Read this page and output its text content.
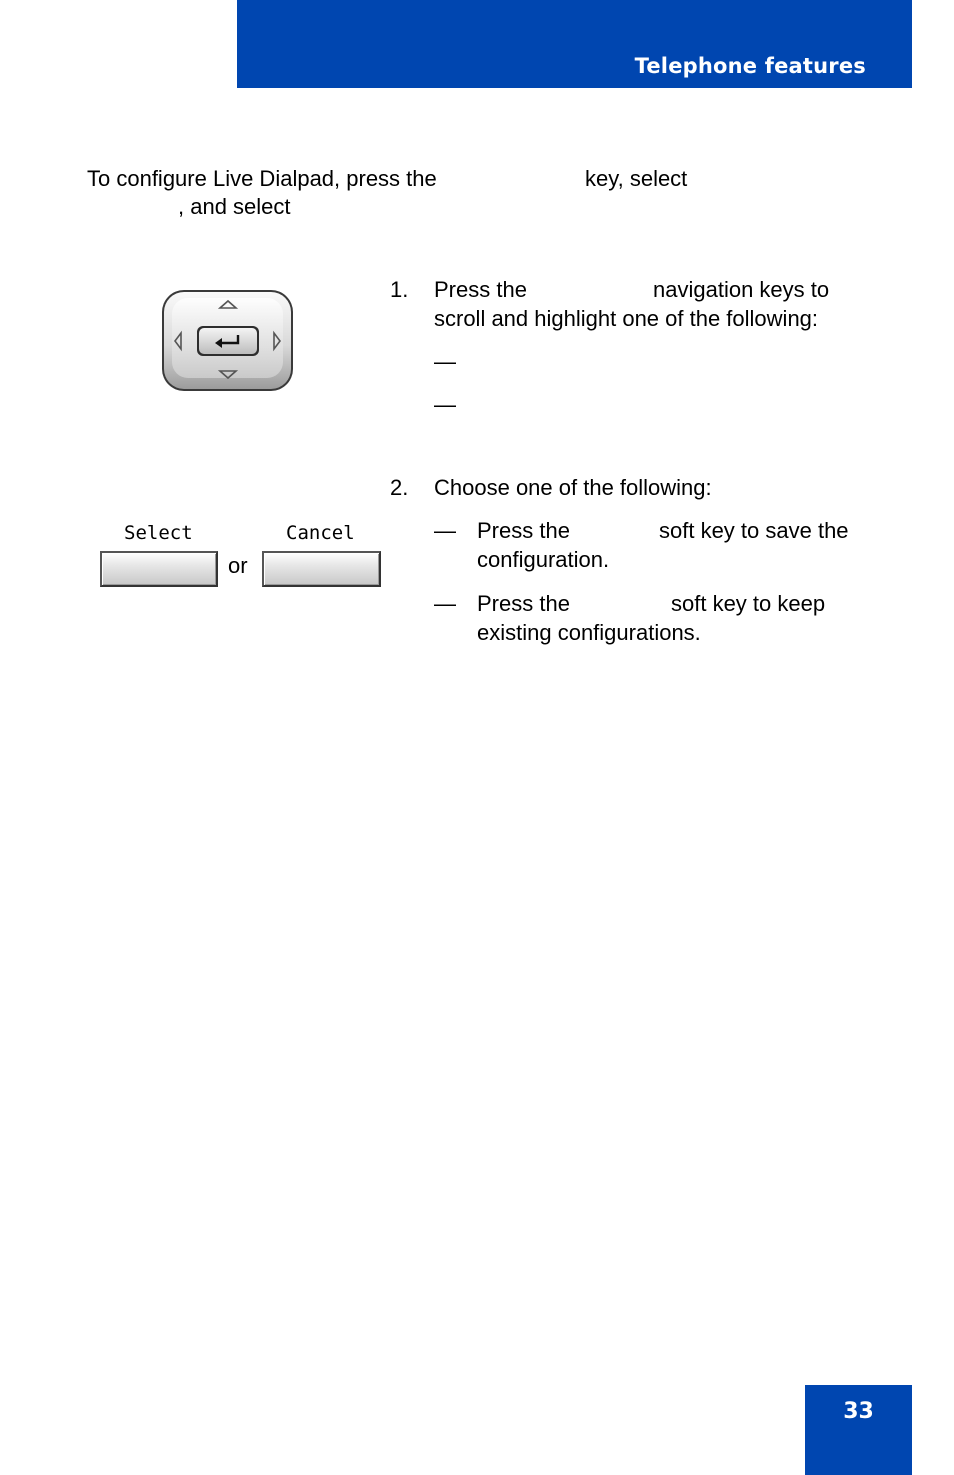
Telephone features
To configure Live Dialpad, press the	key, select
, and select
1. Press the	navigation keys to
scroll and highlight one of the following:
—
—
2. Choose one of the following:
— Press the	soft key to save the
configuration.
— Press the	soft key to keep
existing configurations.
Select
or
Cancel
33
